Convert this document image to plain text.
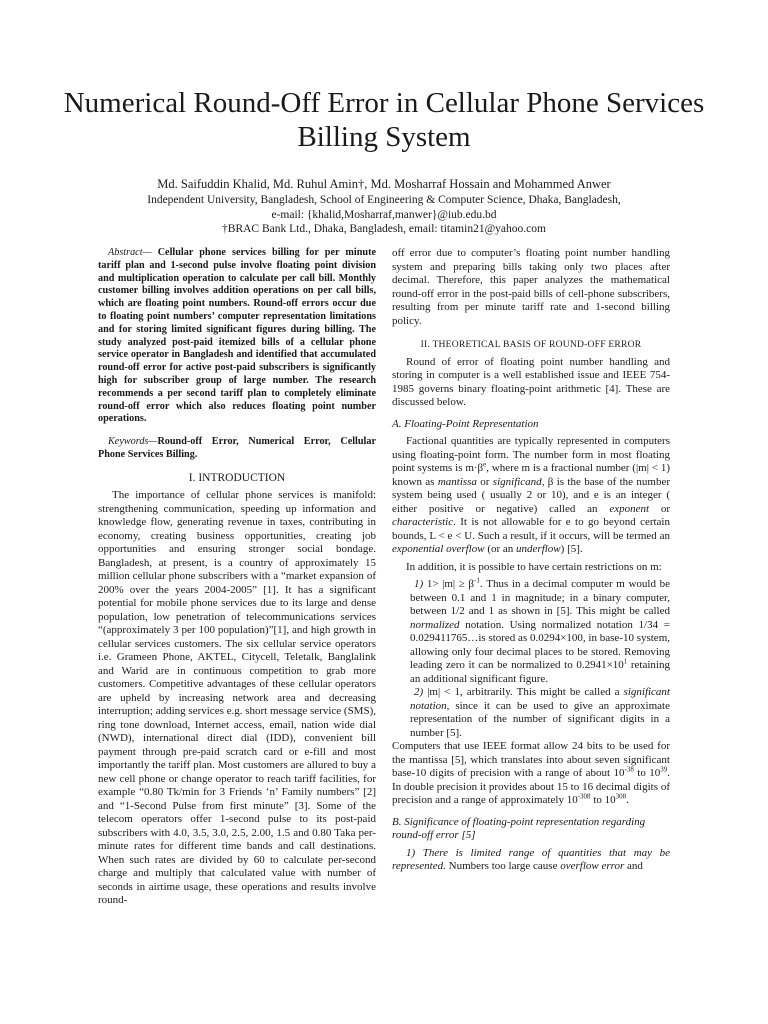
Numerical Round-Off Error in Cellular Phone Services Billing System
Md. Saifuddin Khalid, Md. Ruhul Amin†, Md. Mosharraf Hossain and Mohammed Anwer
Independent University, Bangladesh, School of Engineering & Computer Science, Dhaka, Bangladesh,
e-mail: {khalid,Mosharraf,manwer}@iub.edu.bd
†BRAC Bank Ltd., Dhaka, Bangladesh, email: titamin21@yahoo.com

Abstract— Cellular phone services billing for per minute tariff plan and 1-second pulse involve floating point division and multiplication operation to calculate per call bill. Monthly customer billing involves addition operations on per call bills, which are floating point numbers. Round-off errors occur due to floating point numbers’ computer representation limitations and for storing limited significant figures during billing. The study analyzed post-paid itemized bills of a cellular phone service operator in Bangladesh and identified that accumulated round-off error for active post-paid subscribers is significantly high for subscriber group of large number. The research recommends a per second tariff plan to completely eliminate round-off error which also reduces floating point number operations.

Keywords—Round-off Error, Numerical Error, Cellular Phone Services Billing.

I. INTRODUCTION

The importance of cellular phone services is manifold: strengthening communication, speeding up information and knowledge flow, generating revenue in taxes, contributing in economy, creating business opportunities, creating job opportunities and ensuring stronger social bondage. Bangladesh, at present, is a country of approximately 15 million cellular phone subscribers with a “market expansion of 200% over the years 2004-2005” [1]. It has a significant potential for mobile phone services due to its large and dense population, low penetration of telecommunications services “(approximately 3 per 100 population)”[1], and high growth in cellular services customers. The six cellular service operators i.e. Grameen Phone, AKTEL, Citycell, Teletalk, Banglalink and Warid are in continuous competition to grab more customers. Competitive advantages of these cellular operators are upheld by increasing network area and decreasing interruption; adding services e.g. short message service (SMS), ring tone download, Internet access, email, nation wide dial (NWD), international direct dial (IDD), convenient bill payment through pre-paid scratch card or e-fill and most importantly the tariff plan. Most customers are allured to buy a new cell phone or change operator to reach tariff facilities, for example “0.80 Tk/min for 3 Friends ‘n’ Family numbers” [2] and “1-Second Pulse from first minute” [3]. Some of the telecom operators offer 1-second pulse to its post-paid subscribers with 4.0, 3.5, 3.0, 2.5, 2.00, 1.5 and 0.80 Taka per-minute rates for different time bands and call destinations. When such rates are divided by 60 to calculate per-second charge and multiply that calculated value with number of seconds in airtime usage, these operations and results involve round-

off error due to computer’s floating point number handling system and preparing bills taking only two places after decimal. Therefore, this paper analyzes the mathematical round-off error in the post-paid bills of cell-phone subscribers, resulting from per minute tariff rate and 1-second billing policy.

II. THEORETICAL BASIS OF ROUND-OFF ERROR

Round of error of floating point number handling and storing in computer is a well established issue and IEEE 754-1985 governs binary floating-point arithmetic [4]. These are discussed below.

A. Floating-Point Representation

Factional quantities are typically represented in computers using floating-point form. The number form in most floating point systems is $m\cdot\beta^e$, where m is a fractional number (|m| < 1) known as mantissa or significand, β is the base of the number system being used ( usually 2 or 10), and e is an integer ( either positive or negative) called an exponent or characteristic. It is not allowable for e to go beyond certain bounds, L < e < U. Such a result, if it occurs, will be termed an exponential overflow (or an underflow) [5].

In addition, it is possible to have certain restrictions on m:

1) $1> |m| \ge \beta^{-1}$. Thus in a decimal computer m would be between 0.1 and 1 in magnitude; in a binary computer, between 1/2 and 1 as shown in [5]. This might be called normalized notation. Using normalized notation 1/34 = 0.029411765…is stored as 0.0294×100, in base-10 system, allowing only four decimal places to be stored. Removing leading zero it can be normalized to $0.2941\times 10^1$ retaining an additional significant figure.

2) |m| < 1, arbitrarily. This might be called a significant notation, since it can be used to give an approximate representation of the number of significant digits in a number [5].

Computers that use IEEE format allow 24 bits to be used for the mantissa [5], which translates into about seven significant base-10 digits of precision with a range of about $10^{-38}$ to $10^{39}$. In double precision it provides about 15 to 16 decimal digits of precision and a range of approximately $10^{-308}$ to $10^{308}$.

B. Significance of floating-point representation regarding round-off error [5]

1) There is limited range of quantities that may be represented. Numbers too large cause overflow error and
